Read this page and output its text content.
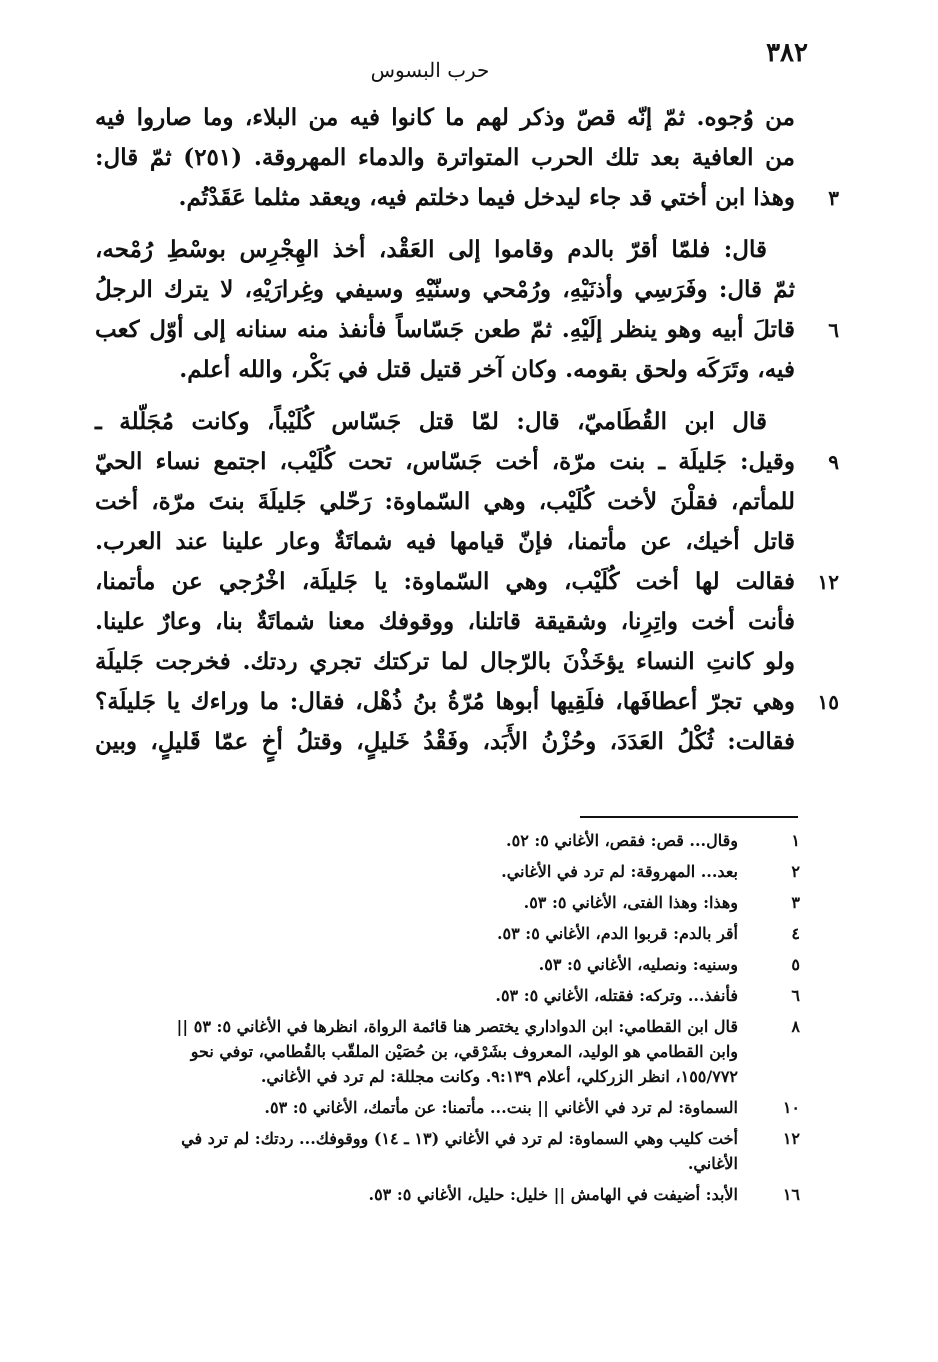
٣٨٢
حرب البسوس
من وُجوه. ثمّ إنّه قصّ وذكر لهم ما كانوا فيه من البلاء، وما صاروا فيه
من العافية بعد تلك الحرب المتواترة والدماء المهروقة. (٢٥١) ثمّ قال:
٣
وهذا ابن أختي قد جاء ليدخل فيما دخلتم فيه، ويعقد مثلما عَقَدْتُم.
قال: فلمّا أقرّ بالدم وقاموا إلى العَقْد، أخذ الهِجْرِس بوسْطِ رُمْحه،
ثمّ قال: وفَرَسِي وأذنَيْهِ، ورُمْحي وسنّيْهِ وسيفي وغِرارَيْهِ، لا يترك الرجلُ
٦
قاتلَ أبيه وهو ينظر إلَيْهِ. ثمّ طعن جَسّاساً فأنفذ منه سنانه إلى أوّل كعب
فيه، وتَرَكَه ولحق بقومه. وكان آخر قتيل قتل في بَكْر، والله أعلم.
قال ابن القُطَاميّ، قال: لمّا قتل جَسّاس كُلَيْباً، وكانت مُجَلّلة ـ
٩
وقيل: جَليلَة ـ بنت مرّة، أخت جَسّاس، تحت كُلَيْب، اجتمع نساء الحيّ
للمأتم، فقلْنَ لأخت كُلَيْب، وهي السّماوة: رَحّلي جَليلَةَ بنتَ مرّة، أخت
قاتل أخيك، عن مأتمنا، فإنّ قيامها فيه شماتَةٌ وعار علينا عند العرب.
١٢
فقالت لها أخت كُلَيْب، وهي السّماوة: يا جَليلَة، اخْرُجي عن مأتمنا،
فأنت أخت واتِرِنا، وشقيقة قاتلنا، ووقوفك معنا شماتَةٌ بنا، وعارٌ علينا.
ولو كانتِ النساء يؤخَذْنَ بالرّجال لما تركتك تجري ردتك. فخرجت جَليلَة
١٥
وهي تجرّ أعطافَها، فلَقِيها أبوها مُرّةُ بنُ ذُهْل، فقال: ما وراءك يا جَليلَة؟
فقالت: ثُكْلُ العَدَدَ، وحُزْنُ الأَبَد، وفَقْدُ خَليلٍ، وقتلُ أخٍ عمّا قَليلٍ، وبين
١
وقال... قص: فقص، الأغاني ٥: ٥٢.
٢
بعد... المهروقة: لم ترد في الأغاني.
٣
وهذا: وهذا الفتى، الأغاني ٥: ٥٣.
٤
أقر بالدم: قربوا الدم، الأغاني ٥: ٥٣.
٥
وسنيه: ونصليه، الأغاني ٥: ٥٣.
٦
فأنفذ... وتركه: فقتله، الأغاني ٥: ٥٣.
٨
قال ابن القطامي: ابن الدواداري يختصر هنا قائمة الرواة، انظرها في الأغاني ٥: ٥٣ || وابن القطامي هو الوليد، المعروف بشَرْقي، بن حُصَيْن الملقّب بالقُطامي، توفي نحو ١٥٥/٧٧٢، انظر الزركلي، أعلام ٩:١٣٩. وكانت مجللة: لم ترد في الأغاني.
١٠
السماوة: لم ترد في الأغاني || بنت... مأتمنا: عن مأتمك، الأغاني ٥: ٥٣.
١٢
أخت كليب وهي السماوة: لم ترد في الأغاني (١٣ ـ ١٤) ووقوفك... ردتك: لم ترد في الأغاني.
١٦
الأبد: أضيفت في الهامش || خليل: حليل، الأغاني ٥: ٥٣.
